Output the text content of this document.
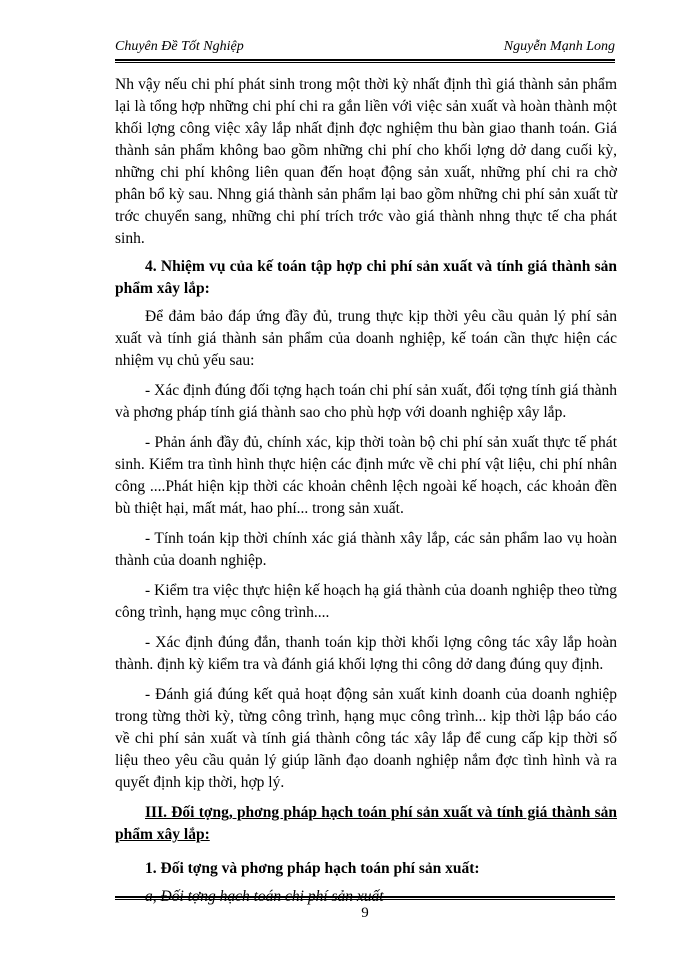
Chuyên Đề Tốt Nghiệp	Nguyễn Mạnh Long

Nh vậy nếu chi phí phát sinh trong một thời kỳ nhất định thì giá thành sản phẩm lại là tổng hợp những chi phí chi ra gắn liền với việc sản xuất và hoàn thành một khối lợng công việc xây lắp nhất định đợc nghiệm thu bàn giao thanh toán. Giá thành sản phẩm không bao gồm những chi phí cho khối lợng dở dang cuối kỳ, những chi phí không liên quan đến hoạt động sản xuất, những phí chi ra chờ phân bổ kỳ sau. Nhng giá thành sản phẩm lại bao gồm những chi phí sản xuất từ trớc chuyển sang, những chi phí trích trớc vào giá thành nhng thực tế cha phát sinh.

4. Nhiệm vụ của kế toán tập hợp chi phí sản xuất và tính giá thành sản phẩm xây lắp:

Để đảm bảo đáp ứng đầy đủ, trung thực kịp thời yêu cầu quản lý phí sản xuất và tính giá thành sản phẩm của doanh nghiệp, kế toán cần thực hiện các nhiệm vụ chủ yếu sau:

- Xác định đúng đối tợng hạch toán chi phí sản xuất, đối tợng tính giá thành và phơng pháp tính giá thành sao cho phù hợp với doanh nghiệp xây lắp.

- Phản ánh đầy đủ, chính xác, kịp thời toàn bộ chi phí sản xuất thực tế phát sinh. Kiểm tra tình hình thực hiện các định mức về chi phí vật liệu, chi phí nhân công ....Phát hiện kịp thời các khoản chênh lệch ngoài kế hoạch, các khoản đền bù thiệt hại, mất mát, hao phí... trong sản xuất.

- Tính toán kịp thời chính xác giá thành xây lắp, các sản phẩm lao vụ hoàn thành của doanh nghiệp.

- Kiểm tra việc thực hiện kế hoạch hạ giá thành của doanh nghiệp theo từng công trình, hạng mục công trình....

- Xác định đúng đắn, thanh toán kịp thời khối lợng công tác xây lắp hoàn thành. định kỳ kiểm tra và đánh giá khối lợng thi công dở dang đúng quy định.

- Đánh giá đúng kết quả hoạt động sản xuất kinh doanh của doanh nghiệp trong từng thời kỳ, từng công trình, hạng mục công trình... kịp thời lập báo cáo về chi phí sản xuất và tính giá thành công tác xây lắp để cung cấp kịp thời số liệu theo yêu cầu quản lý giúp lãnh đạo doanh nghiệp nắm đợc tình hình và ra quyết định kịp thời, hợp lý.

III. Đối tợng, phơng pháp hạch toán phí sản xuất và tính giá thành sản phẩm xây lắp:

1. Đối tợng và phơng pháp hạch toán phí sản xuất:

a, Đối tợng hạch toán chi phí sản xuất

9
